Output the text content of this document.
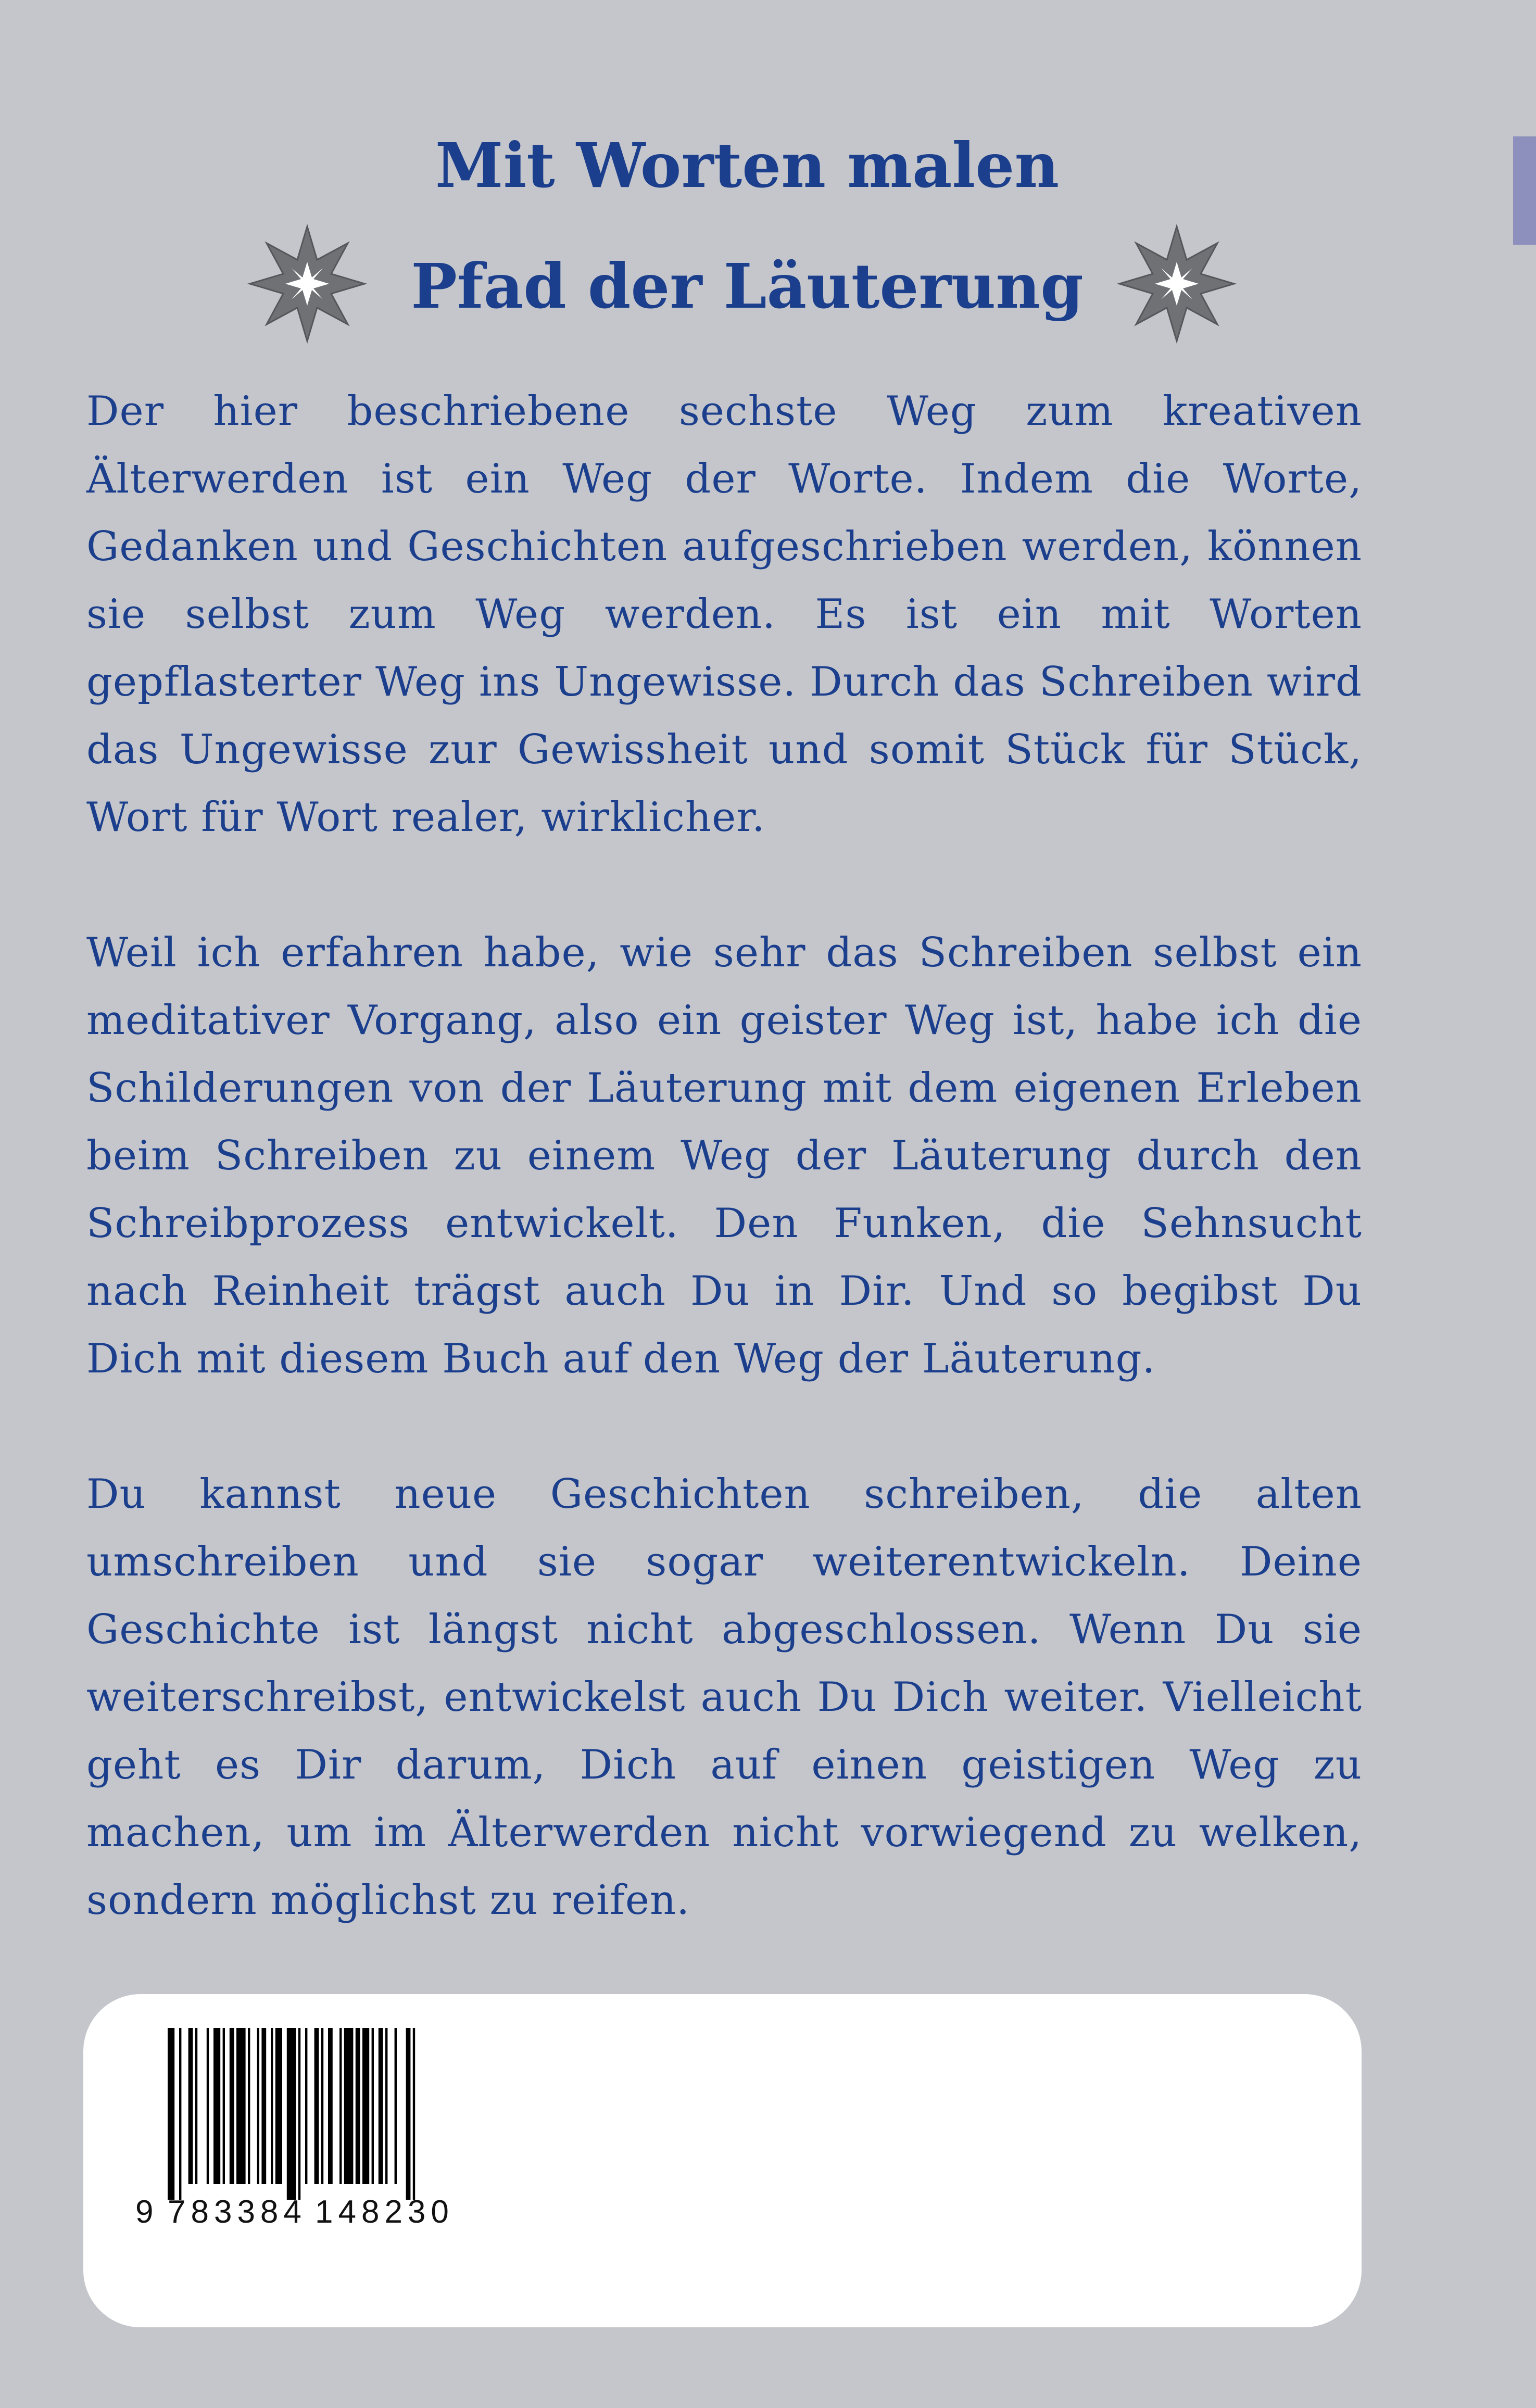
Mit Worten malen
Pfad der Läuterung

Der hier beschriebene sechste Weg zum kreativen Älterwerden ist ein Weg der Worte. Indem die Worte, Gedanken und Geschichten aufgeschrieben werden, können sie selbst zum Weg werden. Es ist ein mit Worten gepflasterter Weg ins Ungewisse. Durch das Schreiben wird das Ungewisse zur Gewissheit und somit Stück für Stück, Wort für Wort realer, wirklicher.

Weil ich erfahren habe, wie sehr das Schreiben selbst ein meditativer Vorgang, also ein geister Weg ist, habe ich die Schilderungen von der Läuterung mit dem eigenen Erleben beim Schreiben zu einem Weg der Läuterung durch den Schreibprozess entwickelt. Den Funken, die Sehnsucht nach Reinheit trägst auch Du in Dir. Und so begibst Du Dich mit diesem Buch auf den Weg der Läuterung.

Du kannst neue Geschichten schreiben, die alten umschreiben und sie sogar weiterentwickeln. Deine Geschichte ist längst nicht abgeschlossen. Wenn Du sie weiterschreibst, entwickelst auch Du Dich weiter. Vielleicht geht es Dir darum, Dich auf einen geistigen Weg zu machen, um im Älterwerden nicht vorwiegend zu welken, sondern möglichst zu reifen.

9 783384 148230
